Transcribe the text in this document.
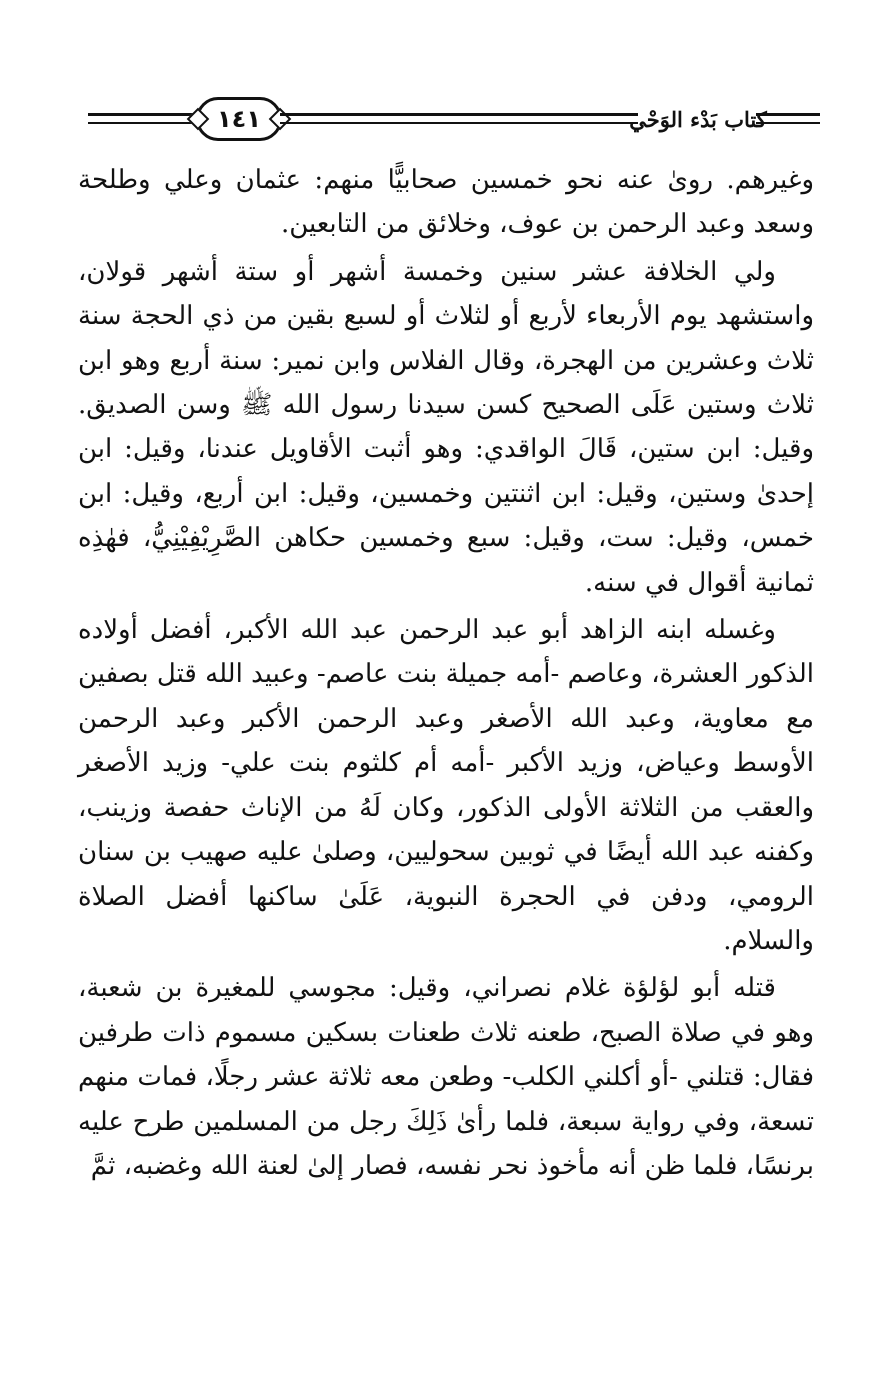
١٤١	كتاب بَدْء الوَحْي

وغيرهم. رویٰ عنه نحو خمسين صحابيًّا منهم: عثمان وعلي وطلحة وسعد وعبد الرحمن بن عوف، وخلائق من التابعين.

ولي الخلافة عشر سنين وخمسة أشهر أو ستة أشهر قولان، واستشهد يوم الأربعاء لأربع أو لثلاث أو لسبع بقين من ذي الحجة سنة ثلاث وعشرين من الهجرة، وقال الفلاس وابن نمير: سنة أربع وهو ابن ثلاث وستين عَلَى الصحيح كسن سيدنا رسول الله ﷺ وسن الصديق. وقيل: ابن ستين، قَالَ الواقدي: وهو أثبت الأقاويل عندنا، وقيل: ابن إحدىٰ وستين، وقيل: ابن اثنتين وخمسين، وقيل: ابن أربع، وقيل: ابن خمس، وقيل: ست، وقيل: سبع وخمسين حكاهن الصَّرِيْفِيْنِيُّ، فهٰذِه ثمانية أقوال في سنه.

وغسله ابنه الزاهد أبو عبد الرحمن عبد الله الأكبر، أفضل أولاده الذكور العشرة، وعاصم -أمه جميلة بنت عاصم- وعبيد الله قتل بصفين مع معاوية، وعبد الله الأصغر وعبد الرحمن الأكبر وعبد الرحمن الأوسط وعياض، وزيد الأكبر -أمه أم كلثوم بنت علي- وزيد الأصغر والعقب من الثلاثة الأولى الذكور، وكان لَهُ من الإناث حفصة وزينب، وكفنه عبد الله أيضًا في ثوبين سحوليين، وصلىٰ عليه صهيب بن سنان الرومي، ودفن في الحجرة النبوية، عَلَىٰ ساكنها أفضل الصلاة والسلام.

قتله أبو لؤلؤة غلام نصراني، وقيل: مجوسي للمغيرة بن شعبة، وهو في صلاة الصبح، طعنه ثلاث طعنات بسكين مسموم ذات طرفين فقال: قتلني -أو أكلني الكلب- وطعن معه ثلاثة عشر رجلًا، فمات منهم تسعة، وفي رواية سبعة، فلما رأىٰ ذَلِكَ رجل من المسلمين طرح عليه برنسًا، فلما ظن أنه مأخوذ نحر نفسه، فصار إلىٰ لعنة الله وغضبه، ثمَّ
